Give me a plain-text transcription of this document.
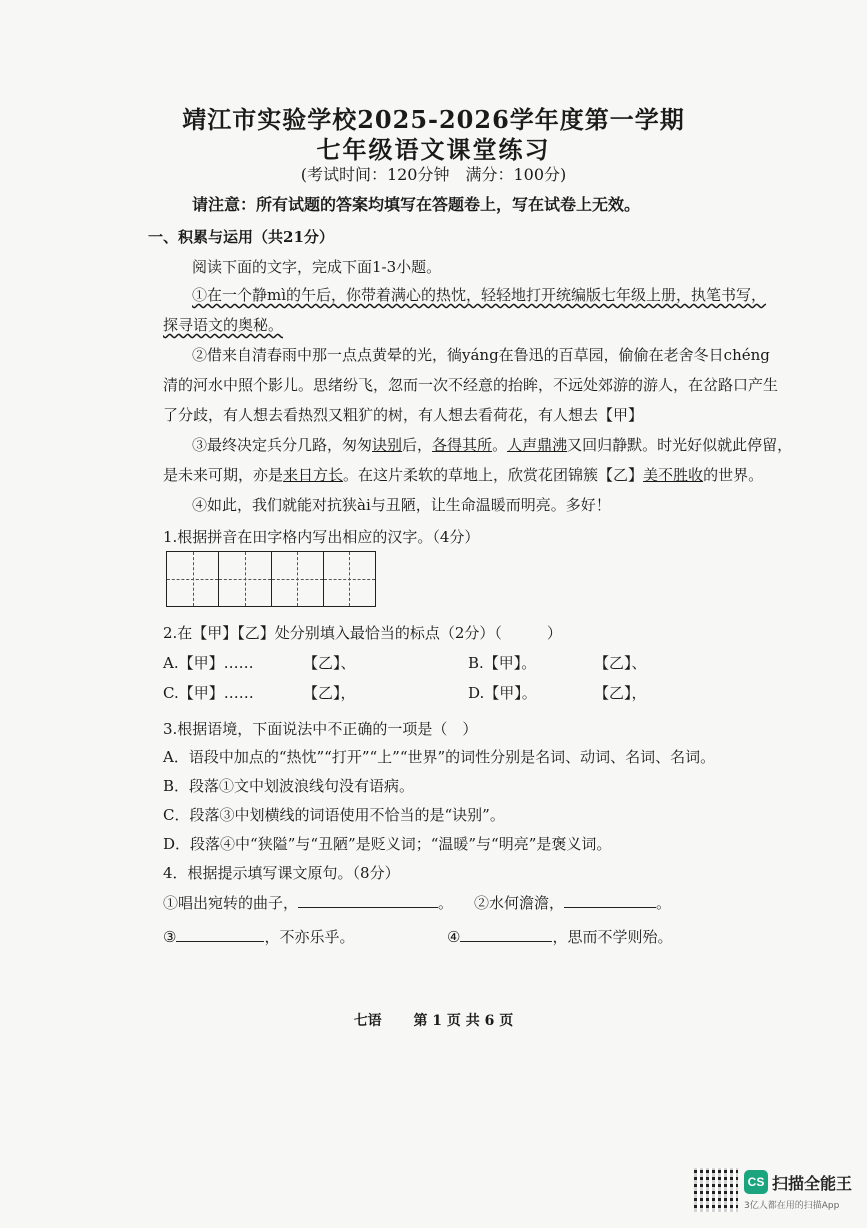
靖江市实验学校2025-2026学年度第一学期
七年级语文课堂练习
(考试时间：120分钟　满分：100分)
请注意：所有试题的答案均填写在答题卷上，写在试卷上无效。
一、积累与运用（共21分）
阅读下面的文字，完成下面1-3小题。
①在一个静mì的午后，你带着满心的热忱，轻轻地打开统编版七年级上册，执笔书写，
探寻语文的奥秘。
②借来自清春雨中那一点点黄晕的光，徜yáng在鲁迅的百草园，偷偷在老舍冬日chéng
清的河水中照个影儿。思绪纷飞，忽而一次不经意的抬眸，不远处郊游的游人，在岔路口产生
了分歧，有人想去看热烈又粗犷的树，有人想去看荷花，有人想去【甲】
③最终决定兵分几路，匆匆诀别后，各得其所。人声鼎沸又回归静默。时光好似就此停留，
是未来可期，亦是来日方长。在这片柔软的草地上，欣赏花团锦簇【乙】美不胜收的世界。
④如此，我们就能对抗狭ài与丑陋，让生命温暖而明亮。多好！
1.根据拼音在田字格内写出相应的汉字。（4分）
2.在【甲】【乙】处分别填入最恰当的标点（2分）（　　　）
A.【甲】……	【乙】、	B.【甲】。	【乙】、
C.【甲】……	【乙】，	D.【甲】。	【乙】，
3.根据语境，下面说法中不正确的一项是（　）
A．语段中加点的“热忱”“打开”“上”“世界”的词性分别是名词、动词、名词、名词。
B．段落①文中划波浪线句没有语病。
C．段落③中划横线的词语使用不恰当的是“诀别”。
D．段落④中“狭隘”与“丑陋”是贬义词；“温暖”与“明亮”是褒义词。
4．根据提示填写课文原句。（8分）
①唱出宛转的曲子，	。 ②水何澹澹，	。
③	，不亦乐乎。	④	，思而不学则殆。
七语 第 1 页 共 6 页
CS 扫描全能王
3亿人都在用的扫描App
